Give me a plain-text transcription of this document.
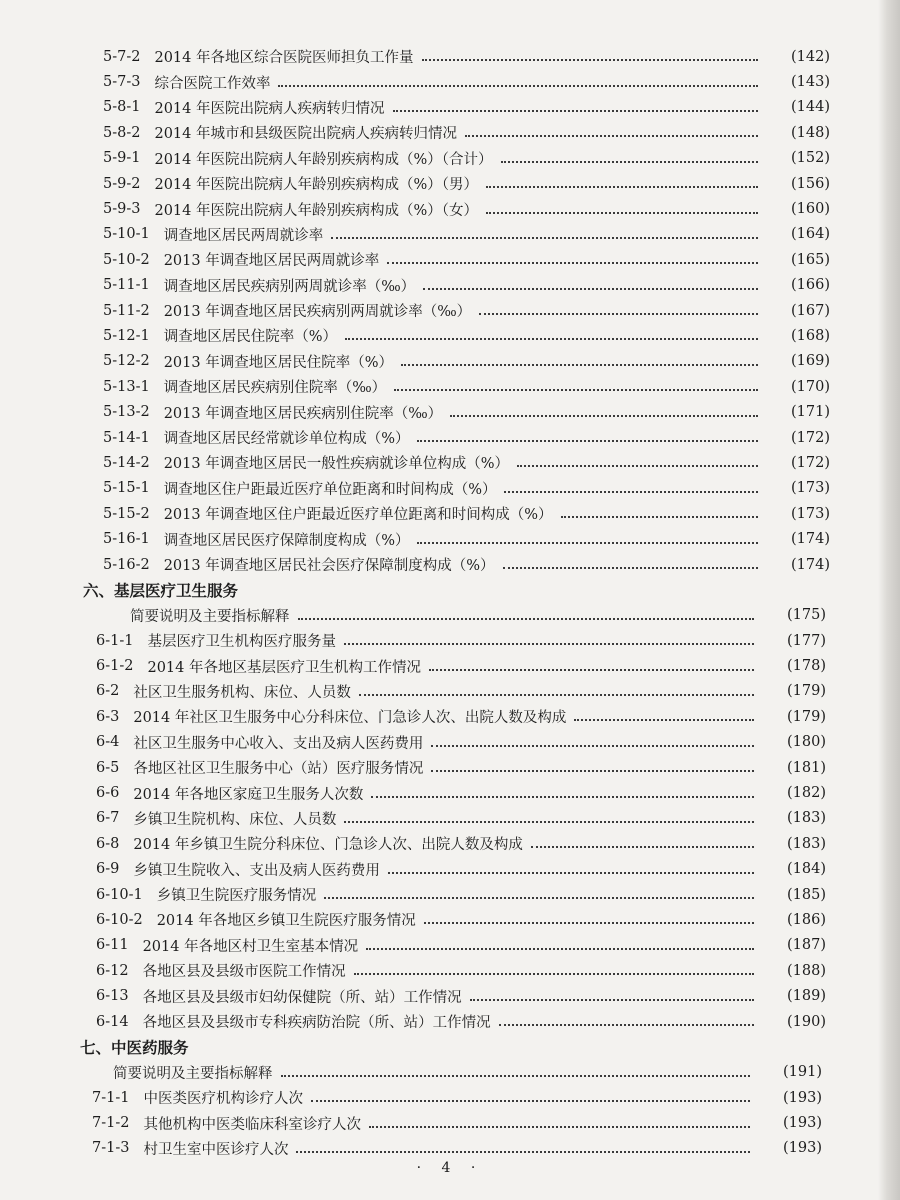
5-7-2 2014 年各地区综合医院医师担负工作量	(142)
5-7-3 综合医院工作效率	(143)
5-8-1 2014 年医院出院病人疾病转归情况	(144)
5-8-2 2014 年城市和县级医院出院病人疾病转归情况	(148)
5-9-1 2014 年医院出院病人年龄别疾病构成（%）（合计）	(152)
5-9-2 2014 年医院出院病人年龄别疾病构成（%）（男）	(156)
5-9-3 2014 年医院出院病人年龄别疾病构成（%）（女）	(160)
5-10-1 调查地区居民两周就诊率	(164)
5-10-2 2013 年调查地区居民两周就诊率	(165)
5-11-1 调查地区居民疾病别两周就诊率（‰）	(166)
5-11-2 2013 年调查地区居民疾病别两周就诊率（‰）	(167)
5-12-1 调查地区居民住院率（%）	(168)
5-12-2 2013 年调查地区居民住院率（%）	(169)
5-13-1 调查地区居民疾病别住院率（‰）	(170)
5-13-2 2013 年调查地区居民疾病别住院率（‰）	(171)
5-14-1 调查地区居民经常就诊单位构成（%）	(172)
5-14-2 2013 年调查地区居民一般性疾病就诊单位构成（%）	(172)
5-15-1 调查地区住户距最近医疗单位距离和时间构成（%）	(173)
5-15-2 2013 年调查地区住户距最近医疗单位距离和时间构成（%）	(173)
5-16-1 调查地区居民医疗保障制度构成（%）	(174)
5-16-2 2013 年调查地区居民社会医疗保障制度构成（%）	(174)
六、基层医疗卫生服务
简要说明及主要指标解释	(175)
6-1-1 基层医疗卫生机构医疗服务量	(177)
6-1-2 2014 年各地区基层医疗卫生机构工作情况	(178)
6-2 社区卫生服务机构、床位、人员数	(179)
6-3 2014 年社区卫生服务中心分科床位、门急诊人次、出院人数及构成	(179)
6-4 社区卫生服务中心收入、支出及病人医药费用	(180)
6-5 各地区社区卫生服务中心（站）医疗服务情况	(181)
6-6 2014 年各地区家庭卫生服务人次数	(182)
6-7 乡镇卫生院机构、床位、人员数	(183)
6-8 2014 年乡镇卫生院分科床位、门急诊人次、出院人数及构成	(183)
6-9 乡镇卫生院收入、支出及病人医药费用	(184)
6-10-1 乡镇卫生院医疗服务情况	(185)
6-10-2 2014 年各地区乡镇卫生院医疗服务情况	(186)
6-11 2014 年各地区村卫生室基本情况	(187)
6-12 各地区县及县级市医院工作情况	(188)
6-13 各地区县及县级市妇幼保健院（所、站）工作情况	(189)
6-14 各地区县及县级市专科疾病防治院（所、站）工作情况	(190)
七、中医药服务
简要说明及主要指标解释	(191)
7-1-1 中医类医疗机构诊疗人次	(193)
7-1-2 其他机构中医类临床科室诊疗人次	(193)
7-1-3 村卫生室中医诊疗人次	(193)
· 4 ·
